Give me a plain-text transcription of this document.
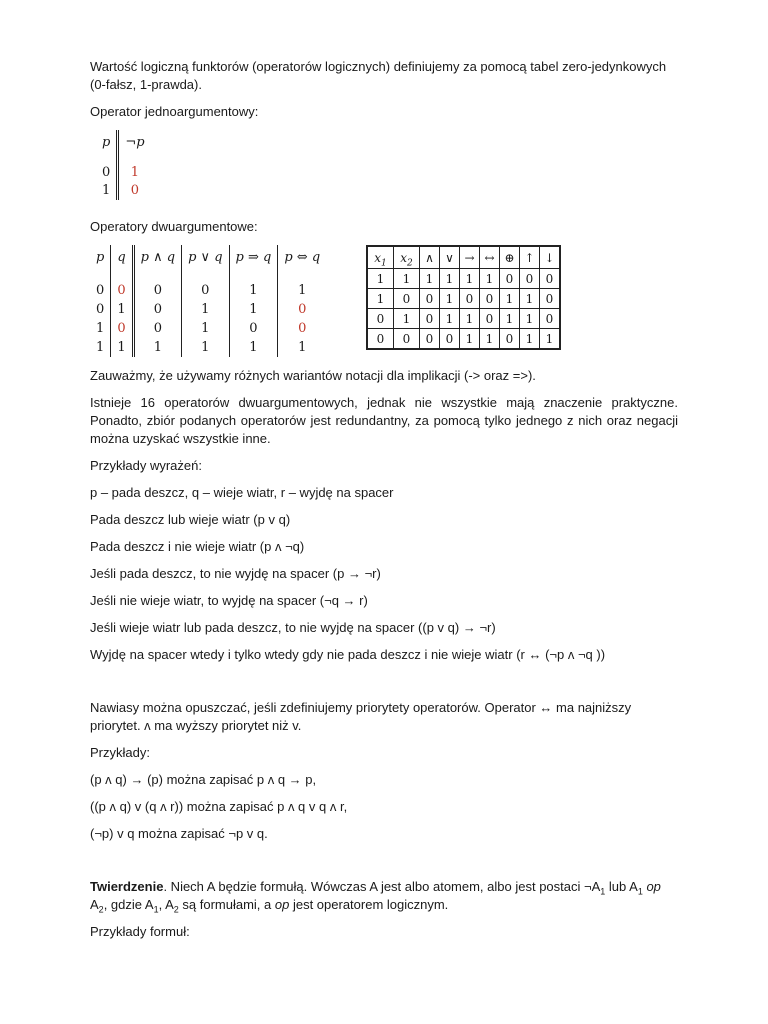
Wartość logiczną funktorów (operatorów logicznych) definiujemy za pomocą tabel zero-jedynkowych (0-fałsz, 1-prawda).

Operator jednoargumentowy:

p	¬p

0	1
1	0

Operatory dwuargumentowe:

p	q	p ∧ q	p ∨ q	p ⇒ q	p ⇔ q

0	0	0	0	1	1
0	1	0	1	1	0
1	0	0	1	0	0
1	1	1	1	1	1
$x_1$	$x_2$	∧	∨	→	↔	⊕	↑	↓
1	1	1	1	1	1	0	0	0
1	0	0	1	0	0	1	1	0
0	1	0	1	1	0	1	1	0
0	0	0	0	1	1	0	1	1

Zauważmy, że używamy różnych wariantów notacji dla implikacji (-> oraz =>).

Istnieje 16 operatorów dwuargumentowych, jednak nie wszystkie mają znaczenie praktyczne. Ponadto, zbiór podanych operatorów jest redundantny, za pomocą tylko jednego z nich oraz negacji można uzyskać wszystkie inne.

Przykłady wyrażeń:

p – pada deszcz, q – wieje wiatr, r – wyjdę na spacer

Pada deszcz lub wieje wiatr (p v q)

Pada deszcz i nie wieje wiatr (p ʌ ¬q)

Jeśli pada deszcz, to nie wyjdę na spacer (p → ¬r)

Jeśli nie wieje wiatr, to wyjdę na spacer (¬q → r)

Jeśli wieje wiatr lub pada deszcz, to nie wyjdę na spacer ((p v q) → ¬r)

Wyjdę na spacer wtedy i tylko wtedy gdy nie pada deszcz i nie wieje wiatr (r ↔ (¬p ʌ ¬q ))

Nawiasy można opuszczać, jeśli zdefiniujemy priorytety operatorów. Operator ↔ ma najniższy priorytet. ʌ ma wyższy priorytet niż v.

Przykłady:

(p ʌ q) → (p) można zapisać p ʌ q → p,

((p ʌ q) v (q ʌ r)) można zapisać p ʌ q v q ʌ r,

(¬p) v q można zapisać ¬p v q.

Twierdzenie. Niech A będzie formułą. Wówczas A jest albo atomem, albo jest postaci $\neg A_1$ lub $A_1$ op $A_2$, gdzie $A_1$, $A_2$ są formułami, a op jest operatorem logicznym.

Przykłady formuł:
